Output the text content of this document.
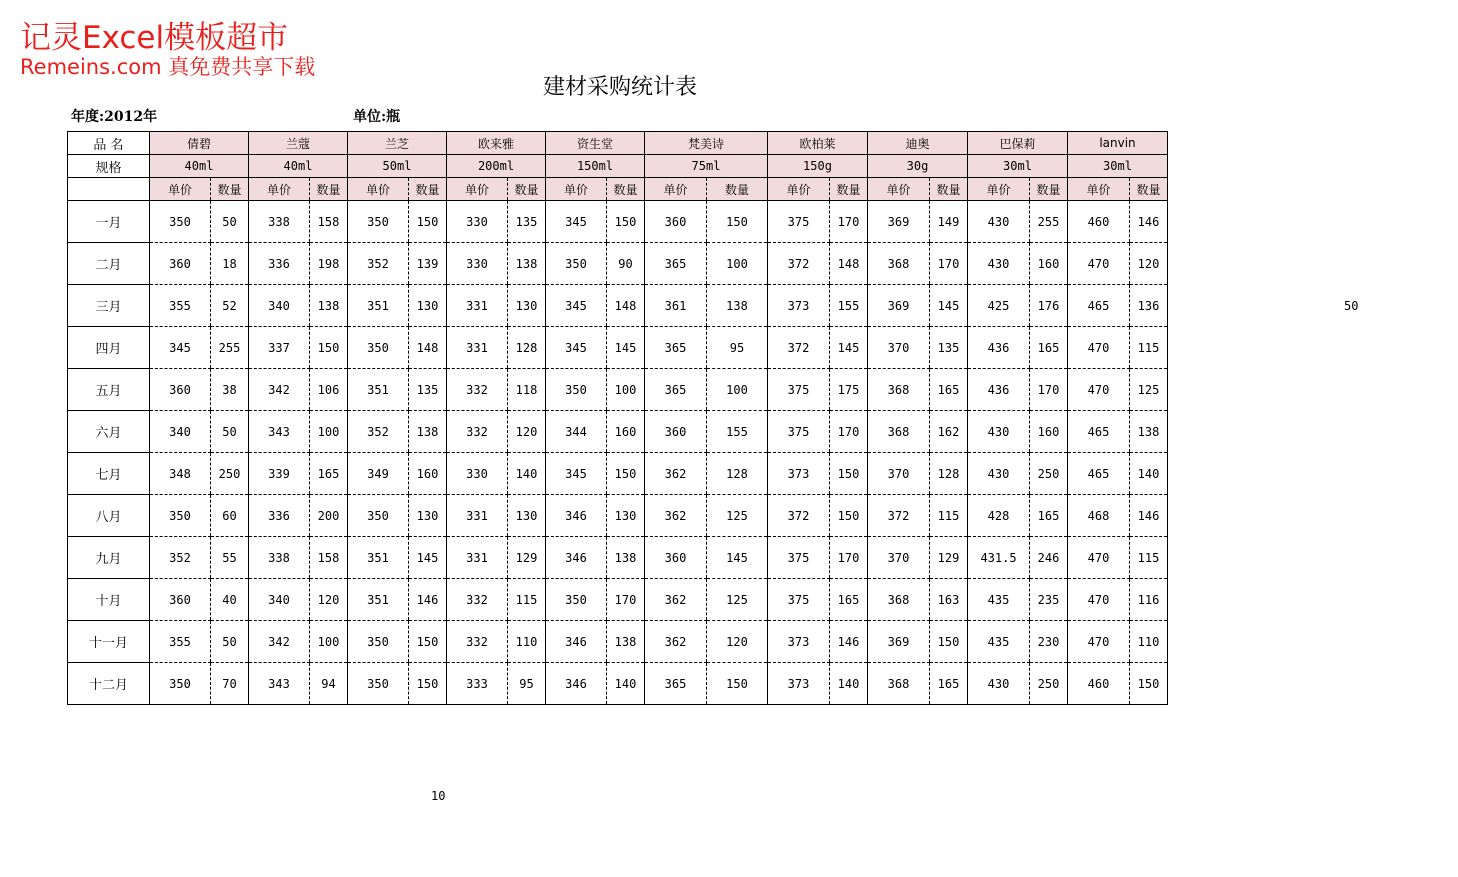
记灵Excel模板超市
Remeins.com 真免费共享下载
建材采购统计表
年度:2012年	单位:瓶
品 名	倩碧		兰蔻		兰芝		欧来雅		资生堂		梵美诗		欧柏莱		迪奥		巴保莉		lanvin	
规格	40ml		40ml		50ml		200ml		150ml		75ml		150g		30g		30ml		30ml	
	单价	数量	单价	数量	单价	数量	单价	数量	单价	数量	单价	数量	单价	数量	单价	数量	单价	数量	单价	数量
一月	350	50	338	158	350	150	330	135	345	150	360	150	375	170	369	149	430	255	460	146
二月	360	18	336	198	352	139	330	138	350	90	365	100	372	148	368	170	430	160	470	120
三月	355	52	340	138	351	130	331	130	345	148	361	138	373	155	369	145	425	176	465	136
四月	345	255	337	150	350	148	331	128	345	145	365	95	372	145	370	135	436	165	470	115
五月	360	38	342	106	351	135	332	118	350	100	365	100	375	175	368	165	436	170	470	125
六月	340	50	343	100	352	138	332	120	344	160	360	155	375	170	368	162	430	160	465	138
七月	348	250	339	165	349	160	330	140	345	150	362	128	373	150	370	128	430	250	465	140
八月	350	60	336	200	350	130	331	130	346	130	362	125	372	150	372	115	428	165	468	146
九月	352	55	338	158	351	145	331	129	346	138	360	145	375	170	370	129	431.5	246	470	115
十月	360	40	340	120	351	146	332	115	350	170	362	125	375	165	368	163	435	235	470	116
十一月	355	50	342	100	350	150	332	110	346	138	362	120	373	146	369	150	435	230	470	110
十二月	350	70	343	94	350	150	333	95	346	140	365	150	373	140	368	165	430	250	460	150
50
10
